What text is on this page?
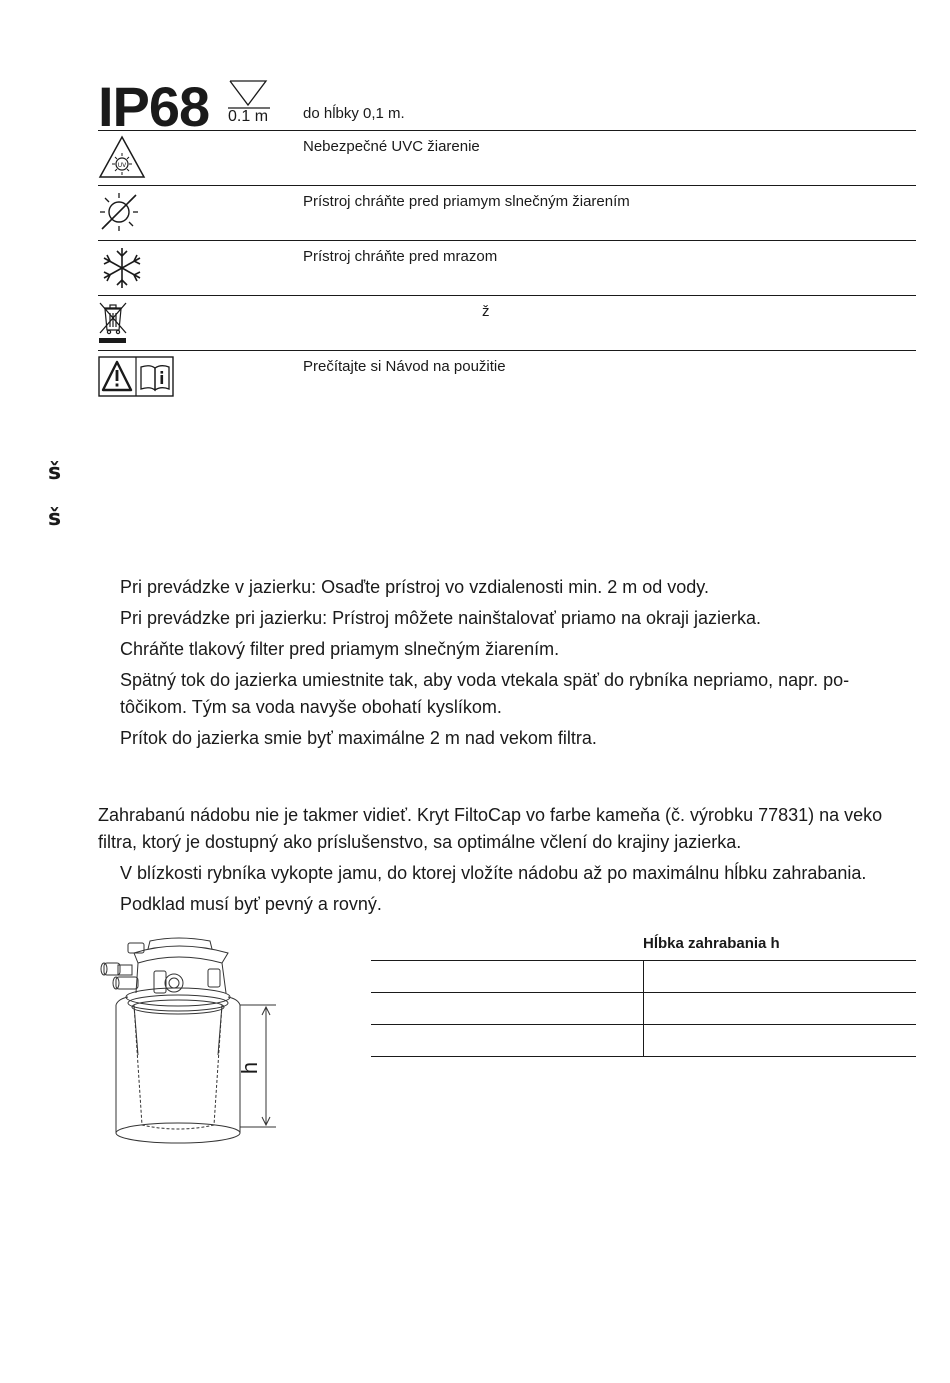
IP68 0.1 m do hĺbky 0,1 m.
UV
Nebezpečné UVC žiarenie
Prístroj chráňte pred priamym slnečným žiarením
Prístroj chráňte pred mrazom
ž
Prečítajte si Návod na použitie
š
š
Pri prevádzke v jazierku: Osaďte prístroj vo vzdialenosti min. 2 m od vody.
Pri prevádzke pri jazierku: Prístroj môžete nainštalovať priamo na okraji jazierka.
Chráňte tlakový filter pred priamym slnečným žiarením.
Spätný tok do jazierka umiestnite tak, aby voda vtekala späť do rybníka nepriamo, napr. po-
tôčikom. Tým sa voda navyše obohatí kyslíkom.
Prítok do jazierka smie byť maximálne 2 m nad vekom filtra.
Zahrabanú nádobu nie je takmer vidieť. Kryt FiltoCap vo farbe kameňa (č. výrobku 77831) na veko
filtra, ktorý je dostupný ako príslušenstvo, sa optimálne včlení do krajiny jazierka.
V blízkosti rybníka vykopte jamu, do ktorej vložíte nádobu až po maximálnu hĺbku zahrabania.
Podklad musí byť pevný a rovný.
h
Hĺbka zahrabania h
